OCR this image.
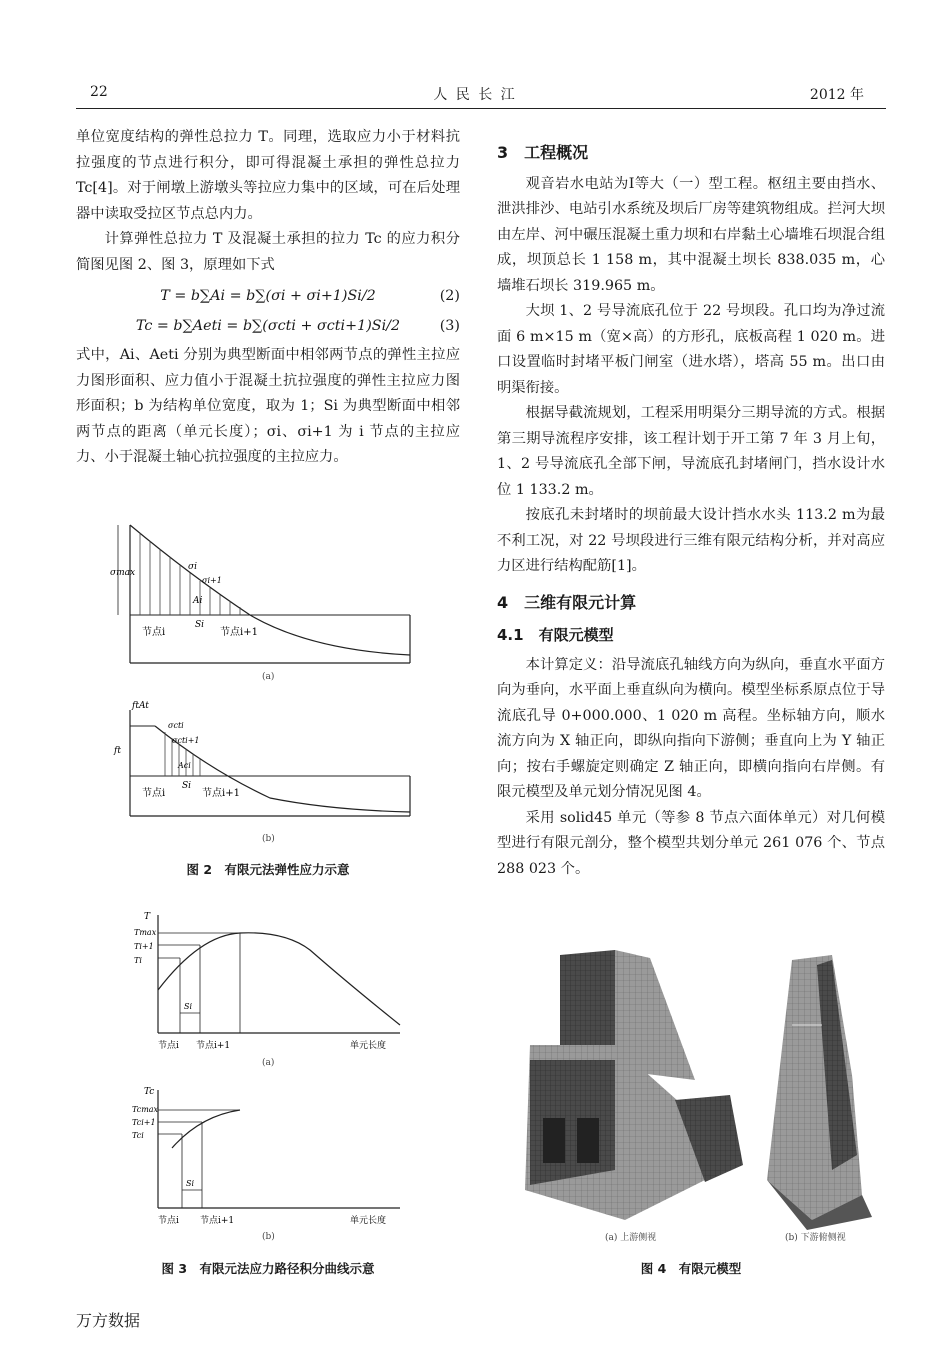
22	人 民 长 江	2012 年

单位宽度结构的弹性总拉力 T。同理，选取应力小于材料抗拉强度的节点进行积分，即可得混凝土承担的弹性总拉力 Tc[4]。对于闸墩上游墩头等拉应力集中的区域，可在后处理器中读取受拉区节点总内力。

计算弹性总拉力 T 及混凝土承担的拉力 Tc 的应力积分简图见图 2、图 3，原理如下式

T = b∑Ai = b∑(σi + σi+1)Si/2	(2)
Tc = b∑Aeti = b∑(σcti + σcti+1)Si/2	(3)

式中，Ai、Aeti 分别为典型断面中相邻两节点的弹性主拉应力图形面积、应力值小于混凝土抗拉强度的弹性主拉应力图形面积；b 为结构单位宽度，取为 1；Si 为典型断面中相邻两节点的距离（单元长度）；σi、σi+1 为 i 节点的主拉应力、小于混凝土轴心抗拉强度的主拉应力。

σmax
σi
σi+1
Ai
Si
节点i	节点i+1
(a)
ftAt
ft
σcti
σcti+1
Aci
Si
节点i	节点i+1
(b)
图 2　有限元法弹性应力示意
T
Tmax
Ti+1
Ti
Si
节点i 节点i+1	单元长度
(a)
Tc
Tcmax
Tci+1
Tci
Si
节点i 节点i+1	单元长度
(b)
图 3　有限元法应力路径积分曲线示意

3　工程概况

观音岩水电站为Ⅰ等大（一）型工程。枢纽主要由挡水、泄洪排沙、电站引水系统及坝后厂房等建筑物组成。拦河大坝由左岸、河中碾压混凝土重力坝和右岸黏土心墙堆石坝混合组成，坝顶总长 1 158 m，其中混凝土坝长 838.035 m，心墙堆石坝长 319.965 m。

大坝 1、2 号导流底孔位于 22 号坝段。孔口均为净过流面 6 m×15 m（宽×高）的方形孔，底板高程 1 020 m。进口设置临时封堵平板门闸室（进水塔），塔高 55 m。出口由明渠衔接。

根据导截流规划，工程采用明渠分三期导流的方式。根据第三期导流程序安排，该工程计划于开工第 7 年 3 月上旬，1、2 号导流底孔全部下闸，导流底孔封堵闸门，挡水设计水位 1 133.2 m。

按底孔未封堵时的坝前最大设计挡水水头 113.2 m为最不利工况，对 22 号坝段进行三维有限元结构分析，并对高应力区进行结构配筋[1]。

4　三维有限元计算

4.1　有限元模型

本计算定义：沿导流底孔轴线方向为纵向，垂直水平面方向为垂向，水平面上垂直纵向为横向。模型坐标系原点位于导流底孔导 0+000.000、1 020 m 高程。坐标轴方向，顺水流方向为 X 轴正向，即纵向指向下游侧；垂直向上为 Y 轴正向；按右手螺旋定则确定 Z 轴正向，即横向指向右岸侧。有限元模型及单元划分情况见图 4。

采用 solid45 单元（等参 8 节点六面体单元）对几何模型进行有限元剖分，整个模型共划分单元 261 076 个、节点 288 023 个。

(a) 上游侧视	(b) 下游俯侧视
图 4　有限元模型
万方数据
